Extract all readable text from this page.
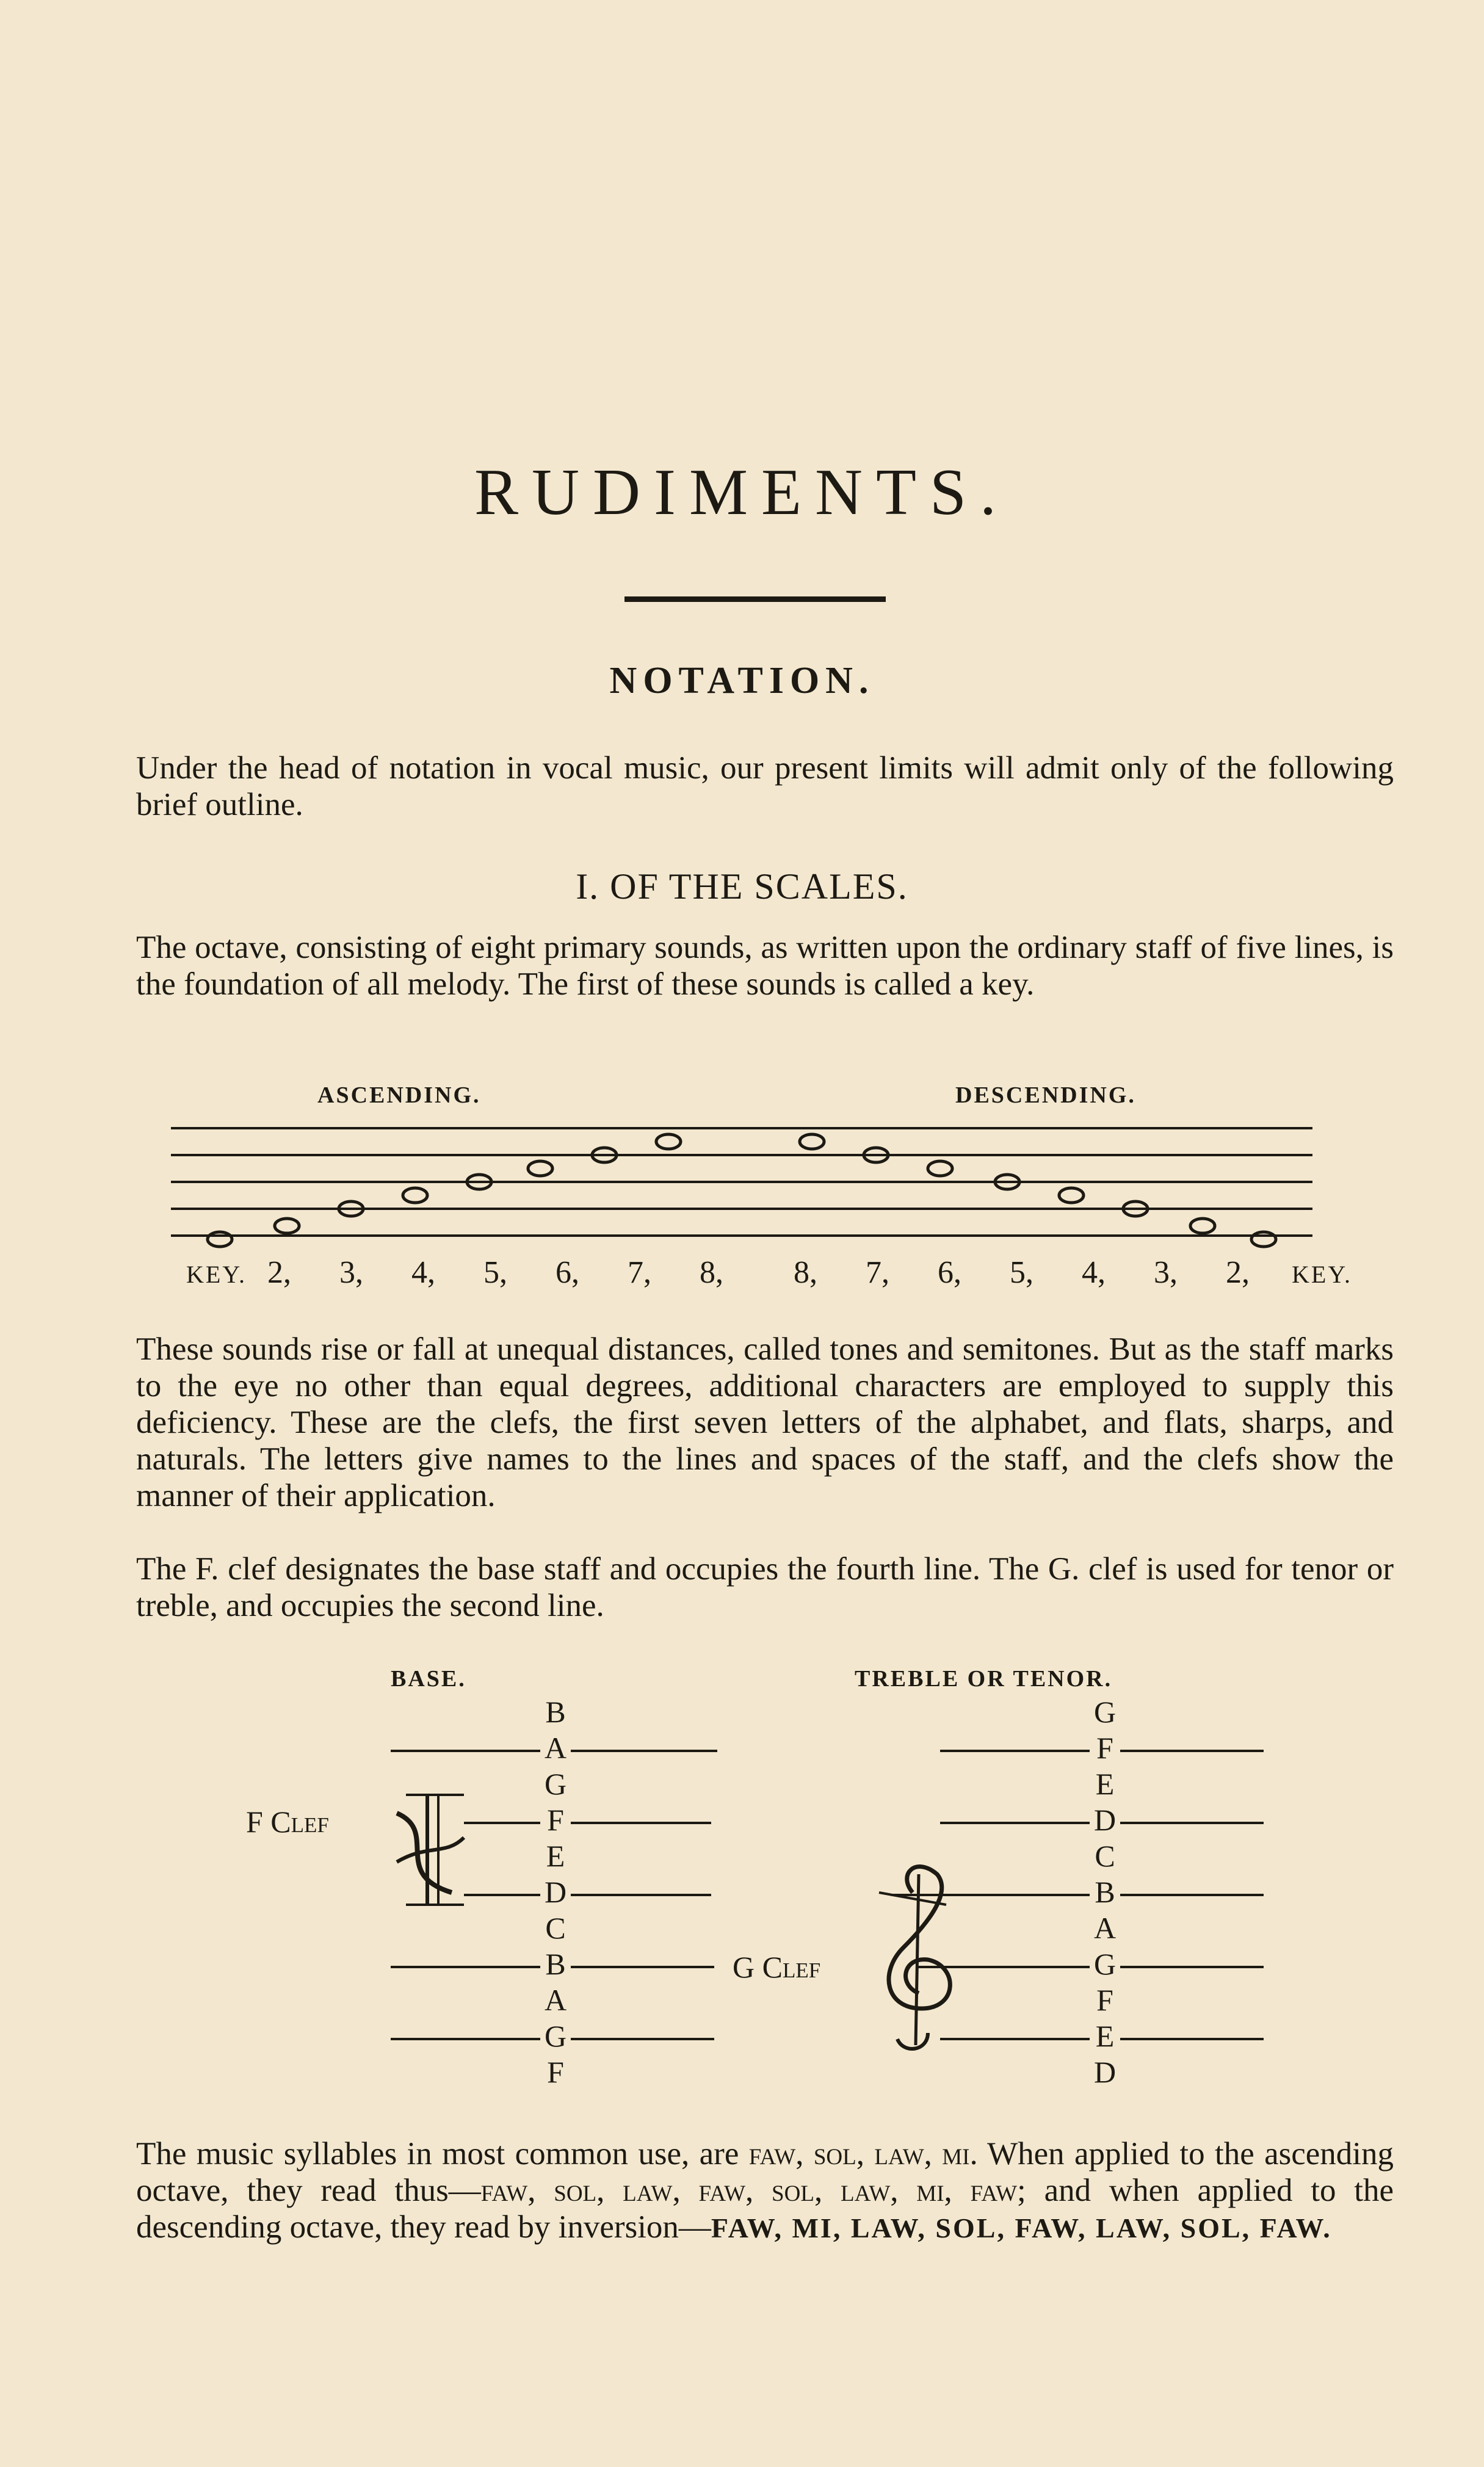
RUDIMENTS.
NOTATION.
Under the head of notation in vocal music, our present limits will admit only of the following brief outline.
I. OF THE SCALES.
The octave, consisting of eight primary sounds, as written upon the ordinary staff of five lines, is the foundation of all melody. The first of these sounds is called a key.
ASCENDING.	DESCENDING.
KEY. 2, 3, 4, 5, 6, 7, 8,	8, 7, 6, 5, 4, 3, 2, KEY.
These sounds rise or fall at unequal distances, called tones and semitones. But as the staff marks to the eye no other than equal degrees, additional characters are employed to supply this deficiency. These are the clefs, the first seven letters of the alphabet, and flats, sharps, and naturals. The letters give names to the lines and spaces of the staff, and the clefs show the manner of their application.
The F. clef designates the base staff and occupies the fourth line. The G. clef is used for tenor or treble, and occupies the second line.
BASE.	TREBLE OR TENOR.
B
A
G
F
E
D
C
B
A
G
F
G
F
E
D
C
B
A
G
F
E
D
F Clef
G Clef
The music syllables in most common use, are faw, sol, law, mi. When applied to the ascending octave, they read thus—faw, sol, law, faw, sol, law, mi, faw; and when applied to the descending octave, they read by inversion—FAW, MI, LAW, SOL, FAW, LAW, SOL, FAW.
